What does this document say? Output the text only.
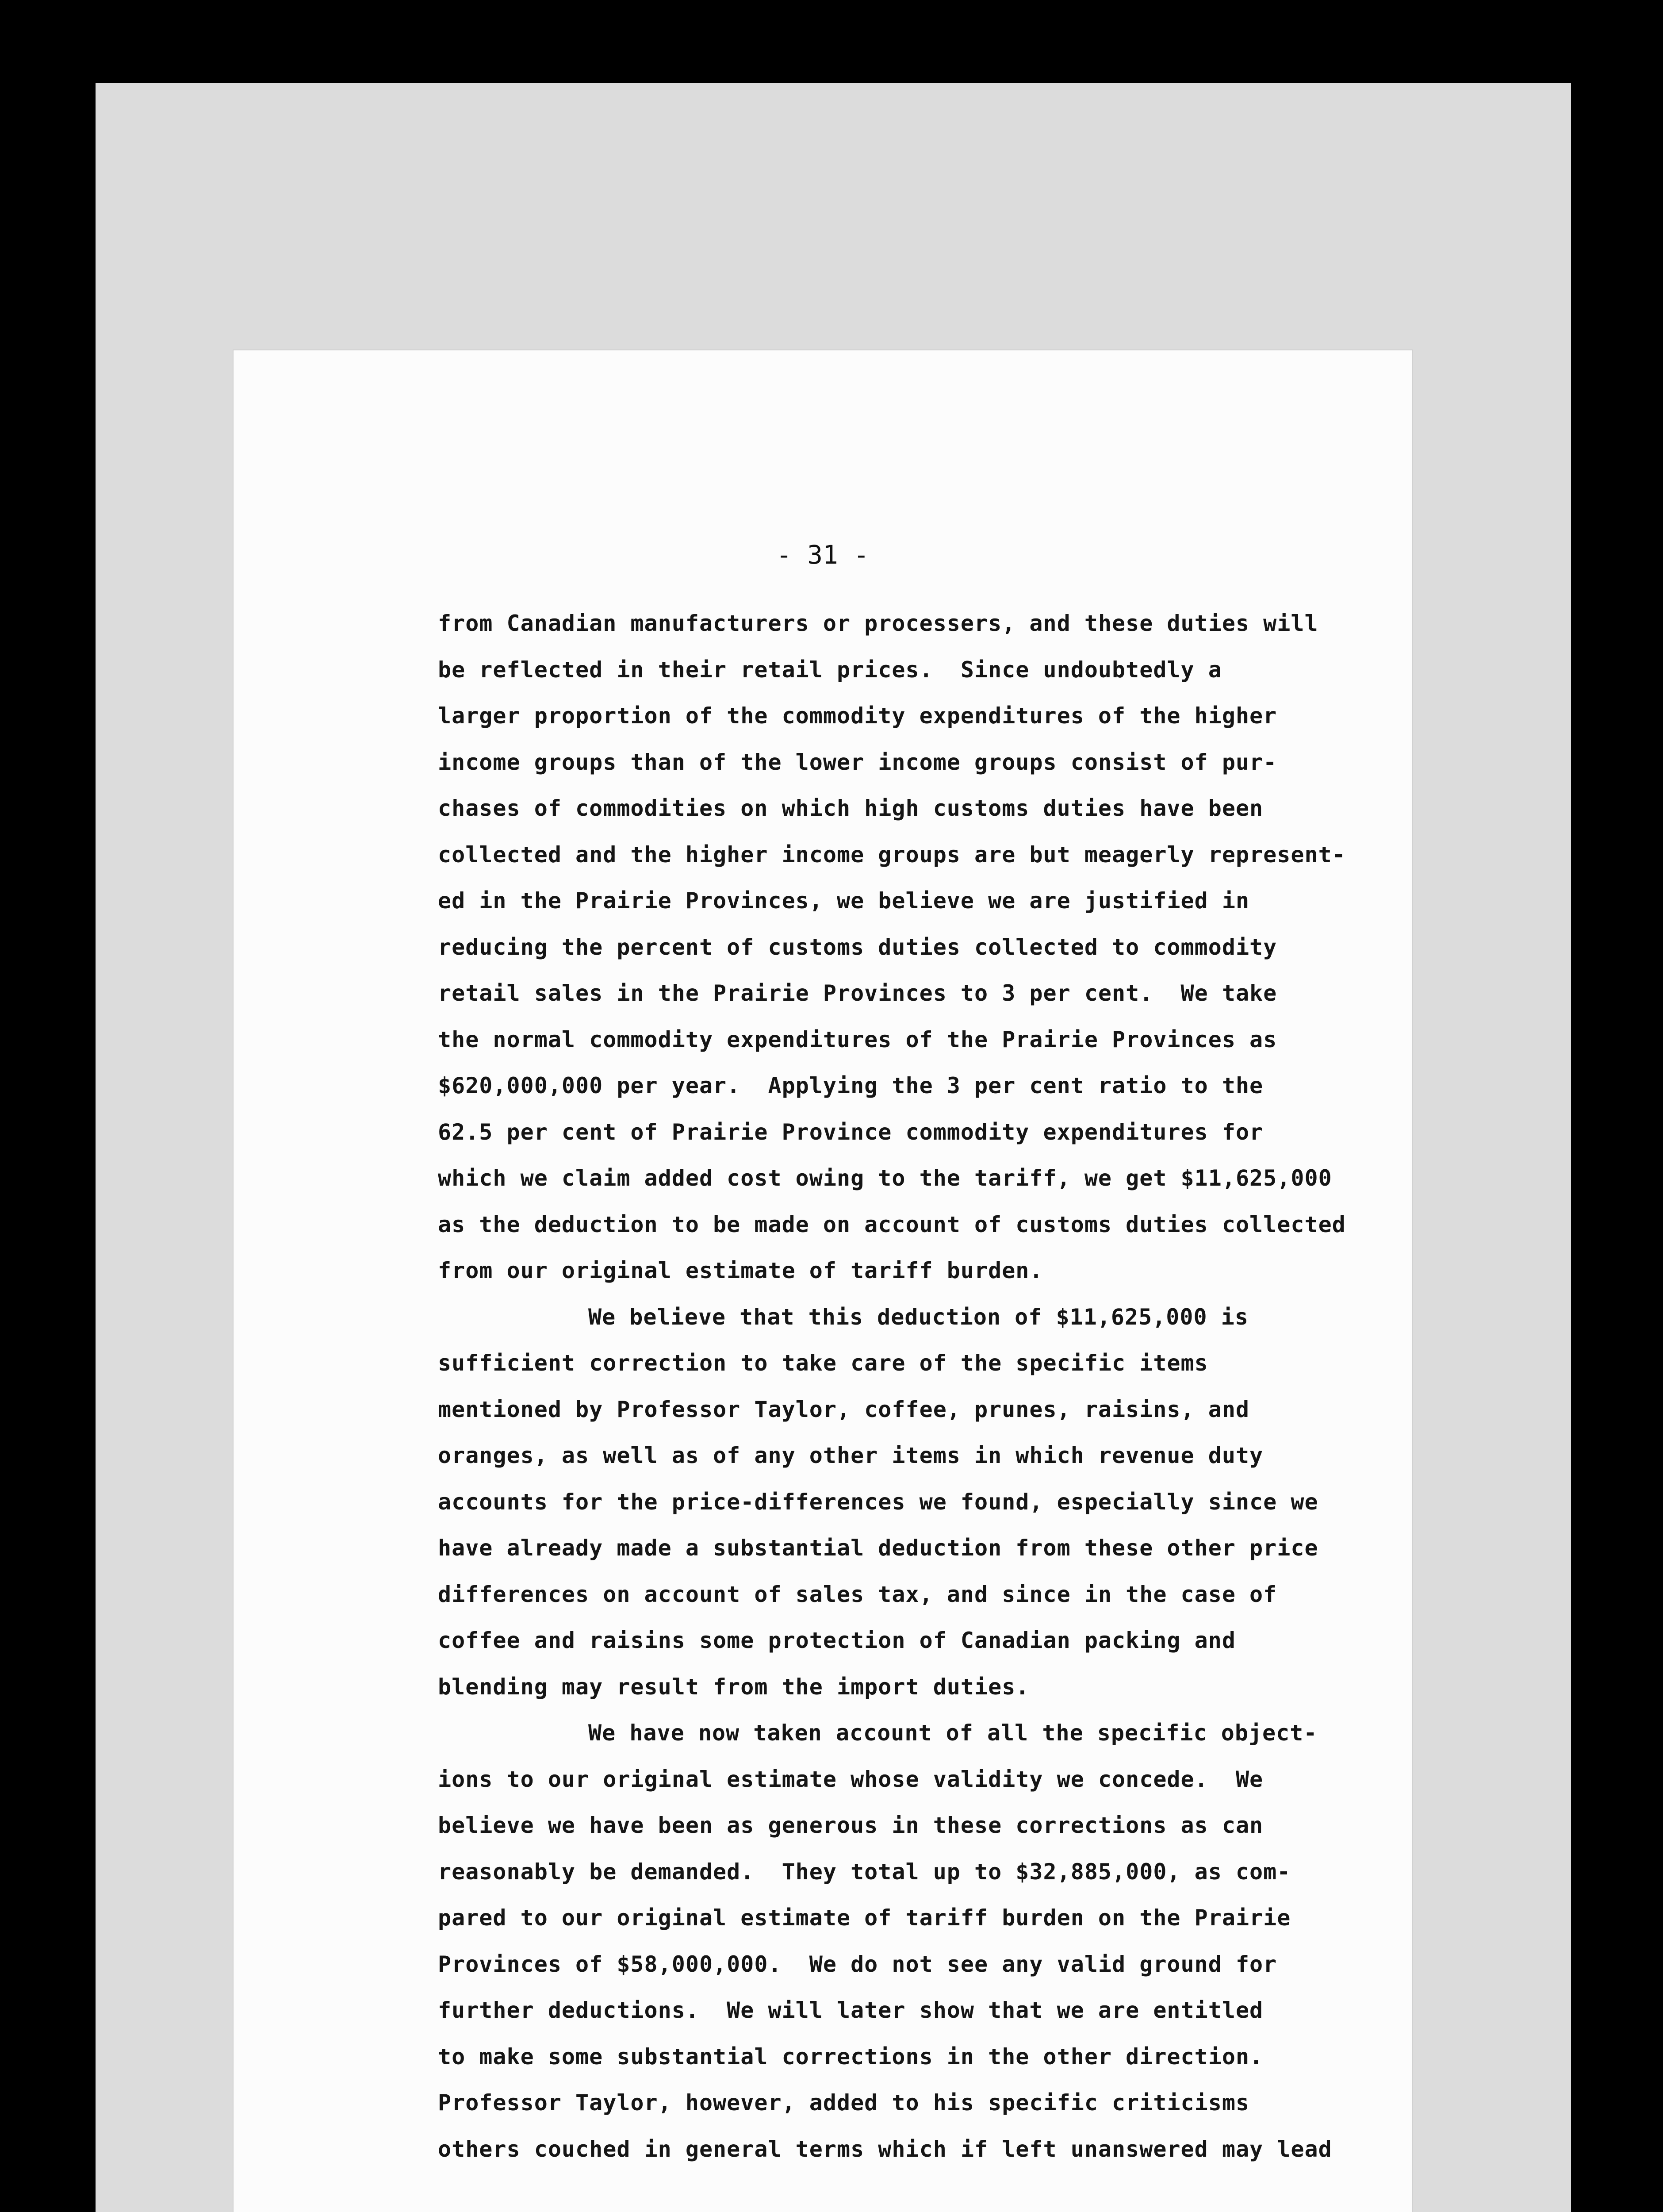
- 31 -
from Canadian manufacturers or processers, and these duties will
be reflected in their retail prices.  Since undoubtedly a
larger proportion of the commodity expenditures of the higher
income groups than of the lower income groups consist of pur-
chases of commodities on which high customs duties have been
collected and the higher income groups are but meagerly represent-
ed in the Prairie Provinces, we believe we are justified in
reducing the percent of customs duties collected to commodity
retail sales in the Prairie Provinces to 3 per cent.  We take
the normal commodity expenditures of the Prairie Provinces as
$620,000,000 per year.  Applying the 3 per cent ratio to the
62.5 per cent of Prairie Province commodity expenditures for
which we claim added cost owing to the tariff, we get $11,625,000
as the deduction to be made on account of customs duties collected
from our original estimate of tariff burden.
We believe that this deduction of $11,625,000 is
sufficient correction to take care of the specific items
mentioned by Professor Taylor, coffee, prunes, raisins, and
oranges, as well as of any other items in which revenue duty
accounts for the price-differences we found, especially since we
have already made a substantial deduction from these other price
differences on account of sales tax, and since in the case of
coffee and raisins some protection of Canadian packing and
blending may result from the import duties.
We have now taken account of all the specific object-
ions to our original estimate whose validity we concede.  We
believe we have been as generous in these corrections as can
reasonably be demanded.  They total up to $32,885,000, as com-
pared to our original estimate of tariff burden on the Prairie
Provinces of $58,000,000.  We do not see any valid ground for
further deductions.  We will later show that we are entitled
to make some substantial corrections in the other direction.
Professor Taylor, however, added to his specific criticisms
others couched in general terms which if left unanswered may lead
